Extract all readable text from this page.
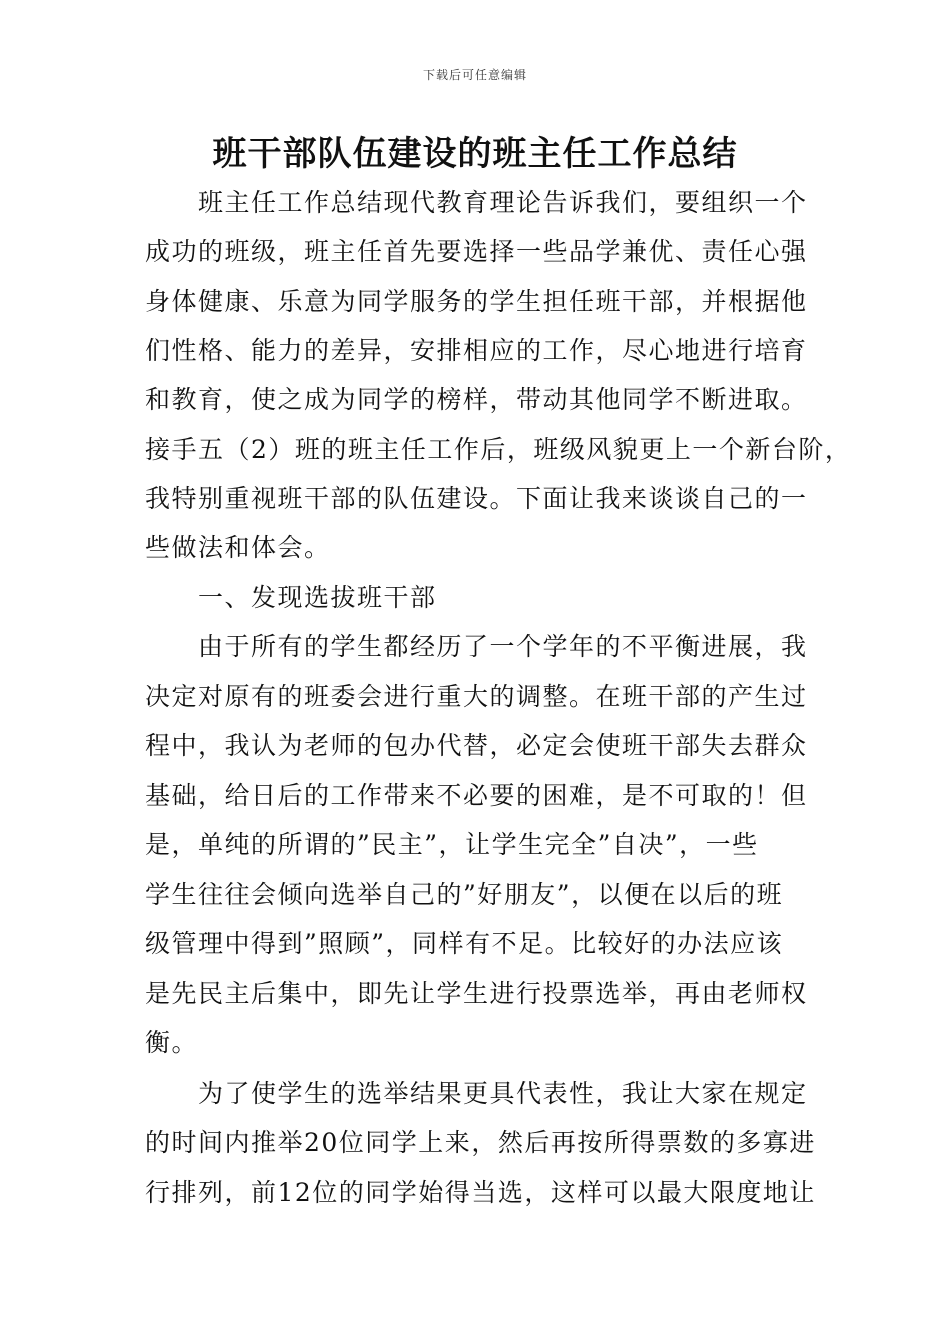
下载后可任意编辑
班干部队伍建设的班主任工作总结
　　班主任工作总结现代教育理论告诉我们，要组织一个
成功的班级，班主任首先要选择一些品学兼优、责任心强
身体健康、乐意为同学服务的学生担任班干部，并根据他
们性格、能力的差异，安排相应的工作，尽心地进行培育
和教育，使之成为同学的榜样，带动其他同学不断进取。
接手五（2）班的班主任工作后，班级风貌更上一个新台阶，
我特别重视班干部的队伍建设。下面让我来谈谈自己的一
些做法和体会。
　　一、发现选拔班干部
　　由于所有的学生都经历了一个学年的不平衡进展，我
决定对原有的班委会进行重大的调整。在班干部的产生过
程中，我认为老师的包办代替，必定会使班干部失去群众
基础，给日后的工作带来不必要的困难，是不可取的！但
是，单纯的所谓的”民主”，让学生完全”自决”，一些
学生往往会倾向选举自己的”好朋友”，以便在以后的班
级管理中得到”照顾”，同样有不足。比较好的办法应该
是先民主后集中，即先让学生进行投票选举，再由老师权
衡。
　　为了使学生的选举结果更具代表性，我让大家在规定
的时间内推举20位同学上来，然后再按所得票数的多寡进
行排列，前12位的同学始得当选，这样可以最大限度地让
